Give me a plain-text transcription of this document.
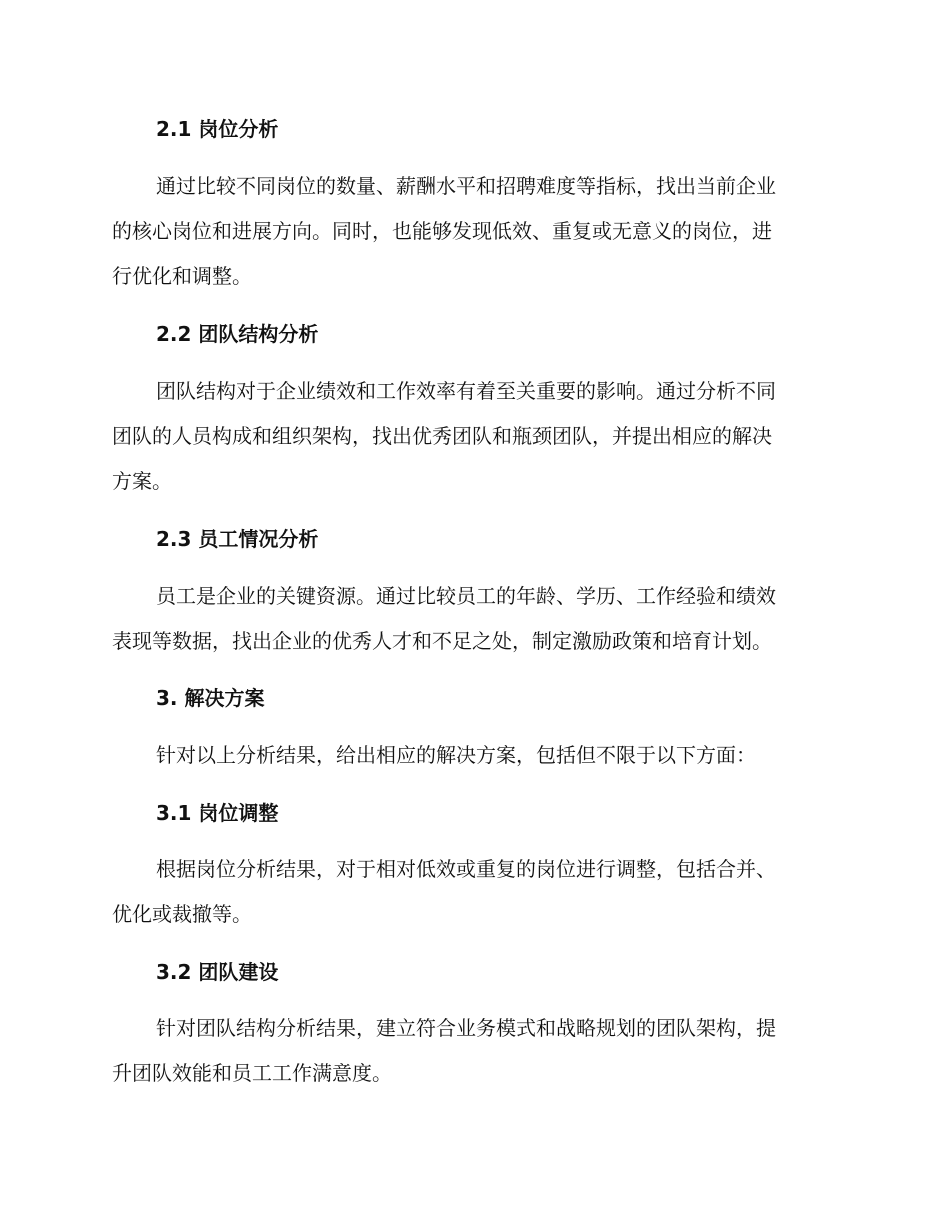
2.1 岗位分析
通过比较不同岗位的数量、薪酬水平和招聘难度等指标，找出当前企业
的核心岗位和进展方向。同时，也能够发现低效、重复或无意义的岗位，进
行优化和调整。
2.2 团队结构分析
团队结构对于企业绩效和工作效率有着至关重要的影响。通过分析不同
团队的人员构成和组织架构，找出优秀团队和瓶颈团队，并提出相应的解决
方案。
2.3 员工情况分析
员工是企业的关键资源。通过比较员工的年龄、学历、工作经验和绩效
表现等数据，找出企业的优秀人才和不足之处，制定激励政策和培育计划。
3. 解决方案
针对以上分析结果，给出相应的解决方案，包括但不限于以下方面：
3.1 岗位调整
根据岗位分析结果，对于相对低效或重复的岗位进行调整，包括合并、
优化或裁撤等。
3.2 团队建设
针对团队结构分析结果，建立符合业务模式和战略规划的团队架构，提
升团队效能和员工工作满意度。
